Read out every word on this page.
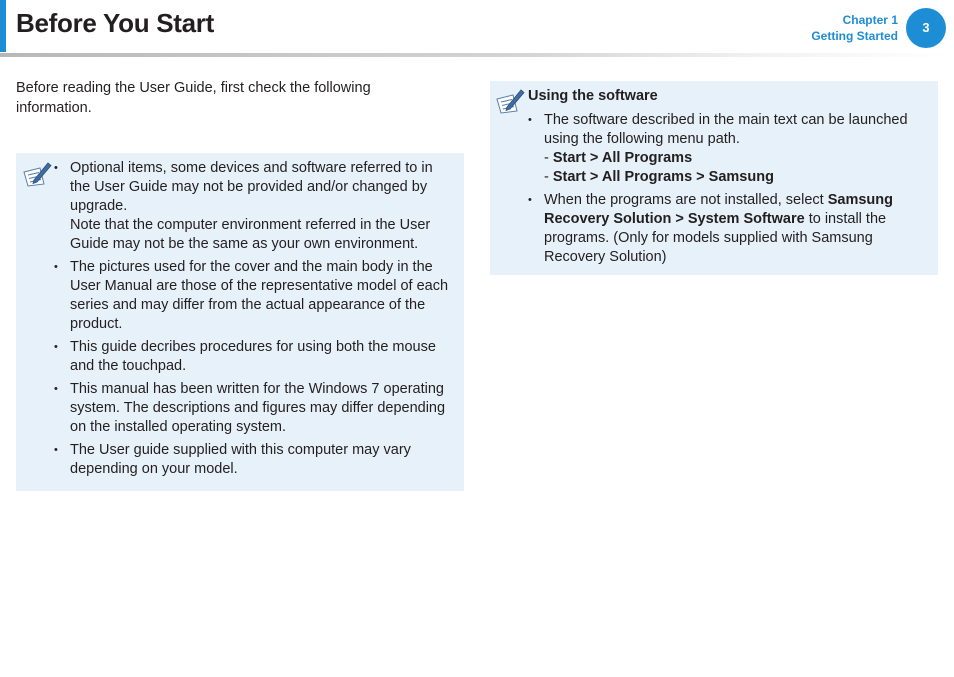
Before You Start	Chapter 1
Getting Started
3

Before reading the User Guide, first check the following information.

• Optional items, some devices and software referred to in the User Guide may not be provided and/or changed by upgrade.
Note that the computer environment referred in the User Guide may not be the same as your own environment.
• The pictures used for the cover and the main body in the User Manual are those of the representative model of each series and may differ from the actual appearance of the product.
• This guide decribes procedures for using both the mouse and the touchpad.
• This manual has been written for the Windows 7 operating system. The descriptions and figures may differ depending on the installed operating system.
• The User guide supplied with this computer may vary depending on your model.
Using the software
• The software described in the main text can be launched using the following menu path.
- Start > All Programs
- Start > All Programs > Samsung
• When the programs are not installed, select Samsung Recovery Solution > System Software to install the programs. (Only for models supplied with Samsung Recovery Solution)
